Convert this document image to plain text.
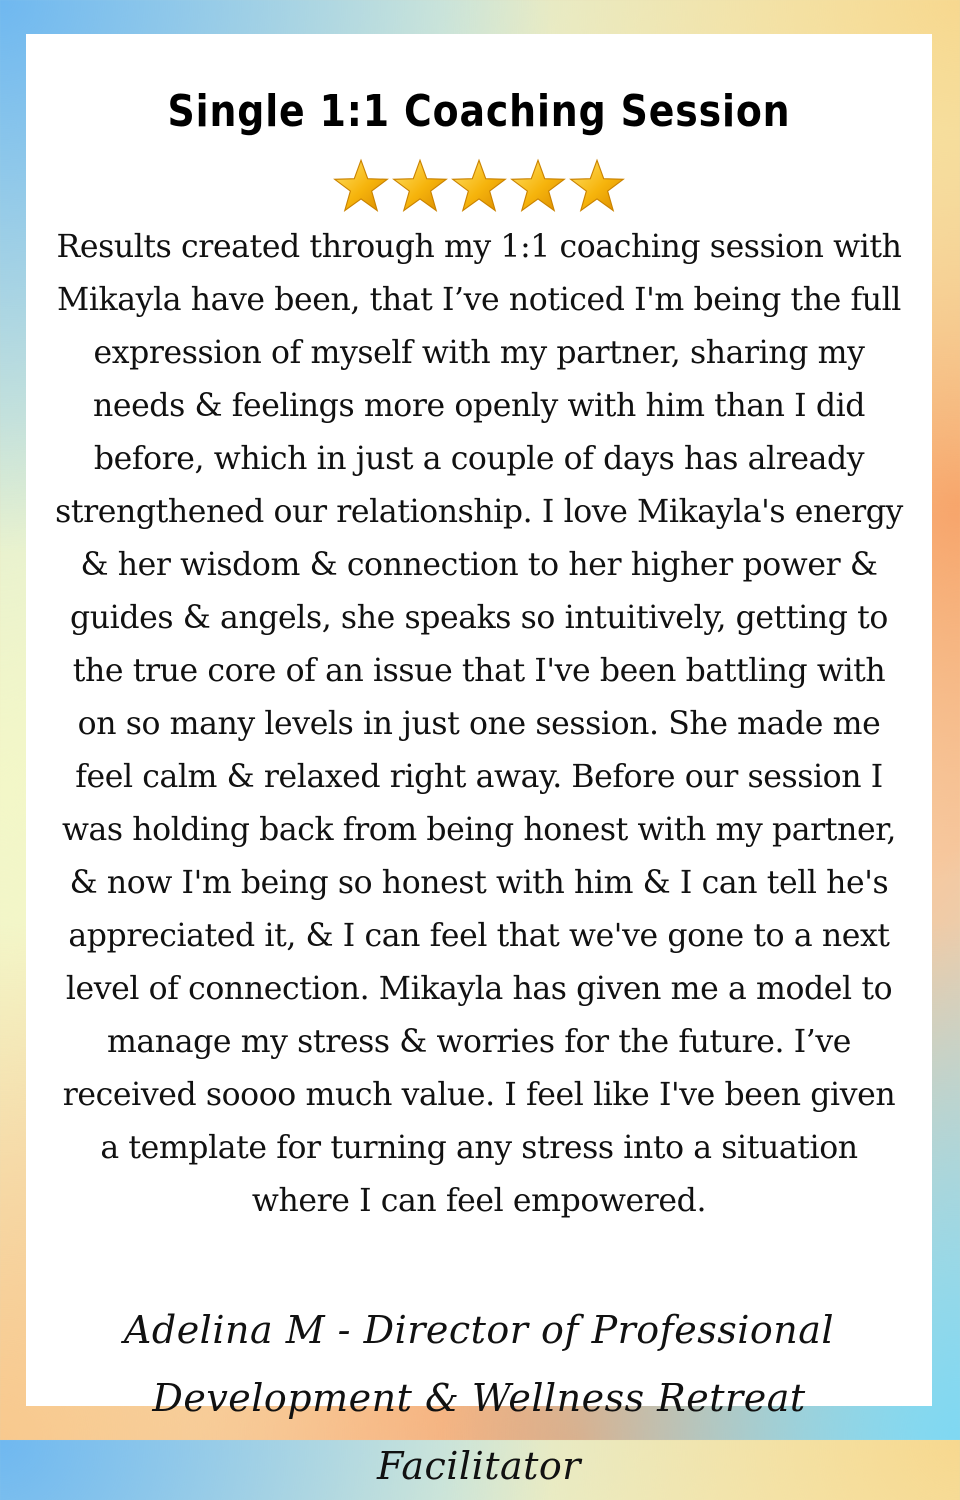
Single 1:1 Coaching Session
Results created through my 1:1 coaching session with Mikayla have been, that I’ve noticed I'm being the full expression of myself with my partner, sharing my needs & feelings more openly with him than I did before, which in just a couple of days has already strengthened our relationship. I love Mikayla's energy & her wisdom & connection to her higher power & guides & angels, she speaks so intuitively, getting to the true core of an issue that I've been battling with on so many levels in just one session. She made me feel calm & relaxed right away. Before our session I was holding back from being honest with my partner, & now I'm being so honest with him & I can tell he's appreciated it, & I can feel that we've gone to a next level of connection. Mikayla has given me a model to manage my stress & worries for the future. I’ve received soooo much value. I feel like I've been given a template for turning any stress into a situation where I can feel empowered.
Adelina M - Director of Professional Development & Wellness Retreat Facilitator
